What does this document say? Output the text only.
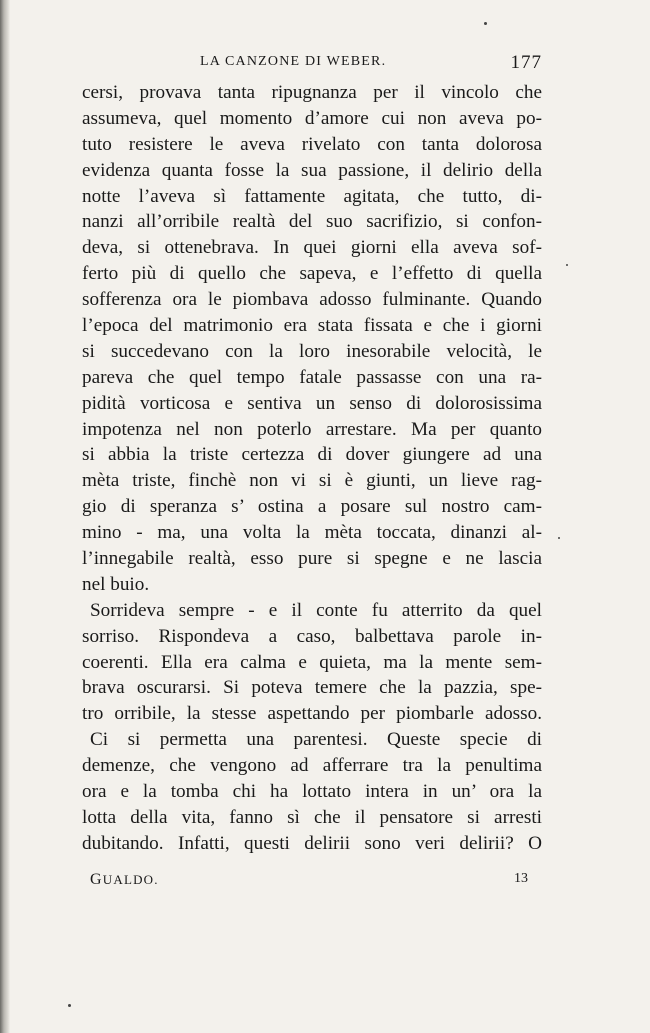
LA CANZONE DI WEBER.	177
cersi, provava tanta ripugnanza per il vincolo che
assumeva, quel momento d’amore cui non aveva po-
tuto resistere le aveva rivelato con tanta dolorosa
evidenza quanta fosse la sua passione, il delirio della
notte l’aveva sì fattamente agitata, che tutto, di-
nanzi all’orribile realtà del suo sacrifizio, si confon-
deva, si ottenebrava. In quei giorni ella aveva sof-
ferto più di quello che sapeva, e l’effetto di quella
sofferenza ora le piombava adosso fulminante. Quando
l’epoca del matrimonio era stata fissata e che i giorni
si succedevano con la loro inesorabile velocità, le
pareva che quel tempo fatale passasse con una ra-
pidità vorticosa e sentiva un senso di dolorosissima
impotenza nel non poterlo arrestare. Ma per quanto
si abbia la triste certezza di dover giungere ad una
mèta triste, finchè non vi si è giunti, un lieve rag-
gio di speranza s’ ostina a posare sul nostro cam-
mino - ma, una volta la mèta toccata, dinanzi al-
l’innegabile realtà, esso pure si spegne e ne lascia
nel buio.
Sorrideva sempre - e il conte fu atterrito da quel
sorriso. Rispondeva a caso, balbettava parole in-
coerenti. Ella era calma e quieta, ma la mente sem-
brava oscurarsi. Si poteva temere che la pazzia, spe-
tro orribile, la stesse aspettando per piombarle adosso.
Ci si permetta una parentesi. Queste specie di
demenze, che vengono ad afferrare tra la penultima
ora e la tomba chi ha lottato intera in un’ ora la
lotta della vita, fanno sì che il pensatore si arresti
dubitando. Infatti, questi delirii sono veri delirii? O
GUALDO.	13
